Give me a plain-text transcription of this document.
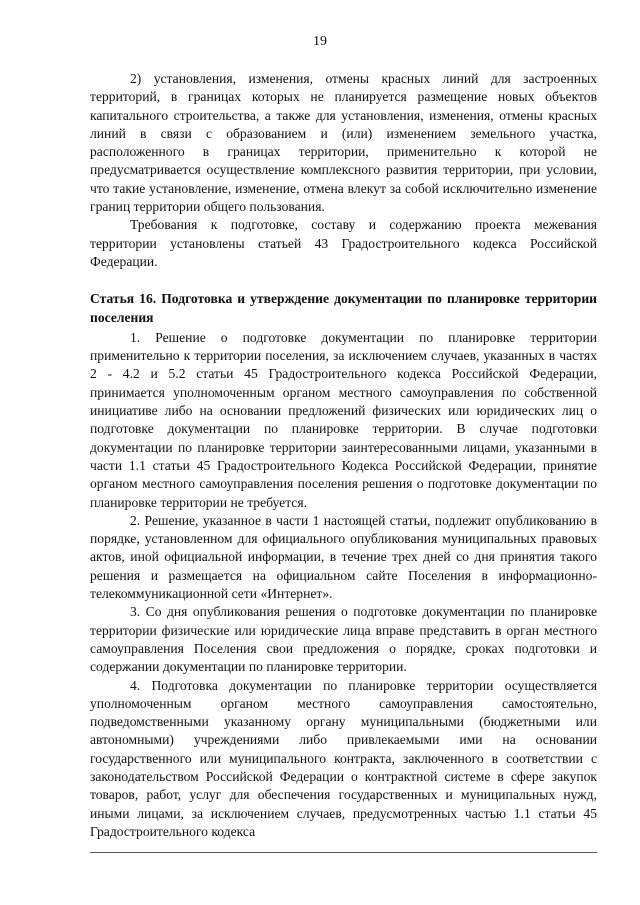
19

2) установления, изменения, отмены красных линий для застроенных территорий, в границах которых не планируется размещение новых объектов капитального строительства, а также для установления, изменения, отмены красных линий в связи с образованием и (или) изменением земельного участка, расположенного в границах территории, применительно к которой не предусматривается осуществление комплексного развития территории, при условии, что такие установление, изменение, отмена влекут за собой исключительно изменение границ территории общего пользования.

Требования к подготовке, составу и содержанию проекта межевания территории установлены статьей 43 Градостроительного кодекса Российской Федерации.

Статья 16. Подготовка и утверждение документации по планировке территории поселения

1. Решение о подготовке документации по планировке территории применительно к территории поселения, за исключением случаев, указанных в частях 2 - 4.2 и 5.2 статьи 45 Градостроительного кодекса Российской Федерации, принимается уполномоченным органом местного самоуправления по собственной инициативе либо на основании предложений физических или юридических лиц о подготовке документации по планировке территории. В случае подготовки документации по планировке территории заинтересованными лицами, указанными в части 1.1 статьи 45 Градостроительного Кодекса Российской Федерации, принятие органом местного самоуправления поселения решения о подготовке документации по планировке территории не требуется.

2. Решение, указанное в части 1 настоящей статьи, подлежит опубликованию в порядке, установленном для официального опубликования муниципальных правовых актов, иной официальной информации, в течение трех дней со дня принятия такого решения и размещается на официальном сайте Поселения в информационно-телекоммуникационной сети «Интернет».

3. Со дня опубликования решения о подготовке документации по планировке территории физические или юридические лица вправе представить в орган местного самоуправления Поселения свои предложения о порядке, сроках подготовки и содержании документации по планировке территории.

4. Подготовка документации по планировке территории осуществляется уполномоченным органом местного самоуправления самостоятельно, подведомственными указанному органу муниципальными (бюджетными или автономными) учреждениями либо привлекаемыми ими на основании государственного или муниципального контракта, заключенного в соответствии с законодательством Российской Федерации о контрактной системе в сфере закупок товаров, работ, услуг для обеспечения государственных и муниципальных нужд, иными лицами, за исключением случаев, предусмотренных частью 1.1 статьи 45 Градостроительного кодекса
